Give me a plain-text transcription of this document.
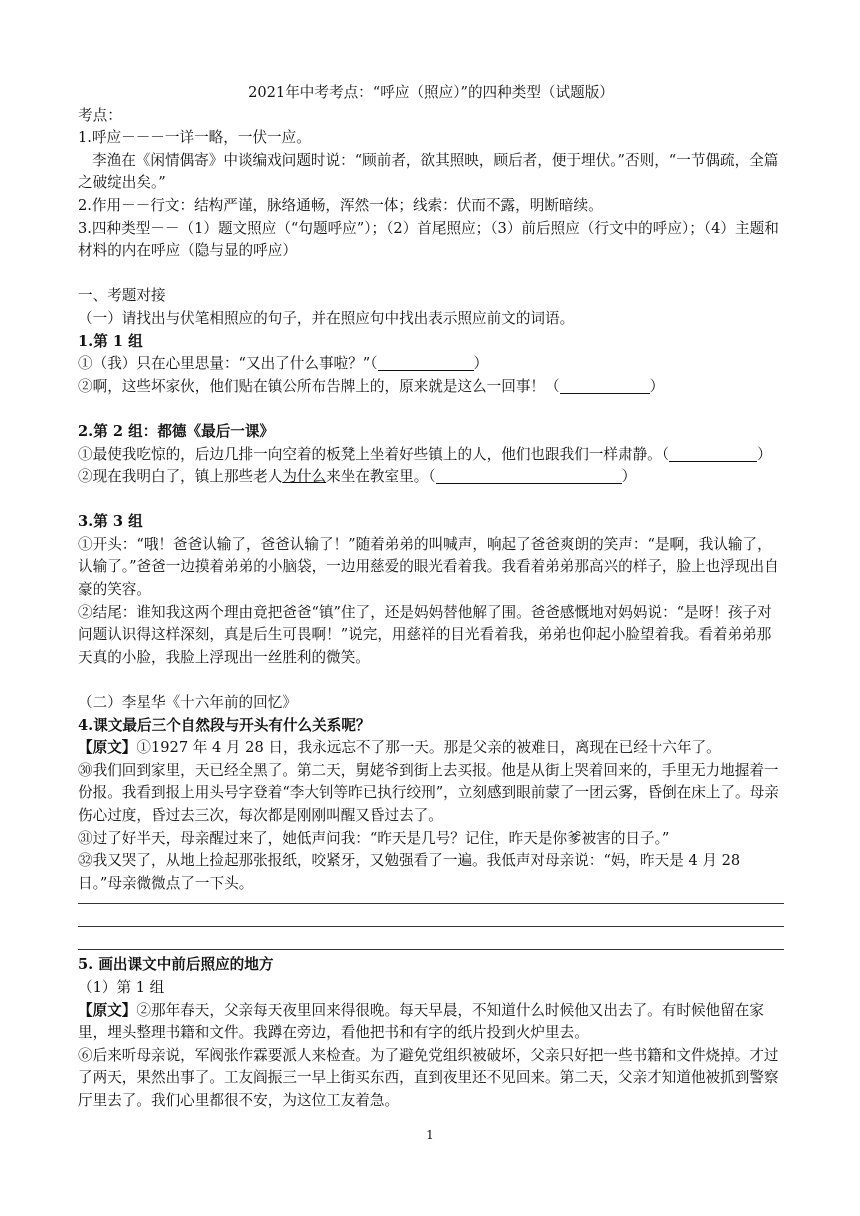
2021年中考考点：“呼应（照应）”的四种类型（试题版）

考点：

1.呼应－－－一详一略，一伏一应。

李渔在《闲情偶寄》中谈编戏问题时说：“顾前者，欲其照映，顾后者，便于埋伏。”否则，“一节偶疏，全篇之破绽出矣。”

2.作用－－行文：结构严谨，脉络通畅，浑然一体；线索：伏而不露，明断暗续。

3.四种类型－－（1）题文照应（“句题呼应”）；（2）首尾照应；（3）前后照应（行文中的呼应）；（4）主题和材料的内在呼应（隐与显的呼应）

一、考题对接

（一）请找出与伏笔相照应的句子，并在照应句中找出表示照应前文的词语。

1.第 1 组

①（我）只在心里思量：“又出了什么事啦？”（	）

②啊，这些坏家伙，他们贴在镇公所布告牌上的，原来就是这么一回事！（	）

2.第 2 组：都德《最后一课》

①最使我吃惊的，后边几排一向空着的板凳上坐着好些镇上的人，他们也跟我们一样肃静。（	）

②现在我明白了，镇上那些老人为什么来坐在教室里。（	）

3.第 3 组

①开头：“哦！爸爸认输了，爸爸认输了！”随着弟弟的叫喊声，响起了爸爸爽朗的笑声：“是啊，我认输了，认输了。”爸爸一边摸着弟弟的小脑袋，一边用慈爱的眼光看着我。我看着弟弟那高兴的样子，脸上也浮现出自豪的笑容。

②结尾：谁知我这两个理由竟把爸爸“镇”住了，还是妈妈替他解了围。爸爸感慨地对妈妈说：“是呀！孩子对问题认识得这样深刻，真是后生可畏啊！”说完，用慈祥的目光看着我，弟弟也仰起小脸望着我。看着弟弟那天真的小脸，我脸上浮现出一丝胜利的微笑。

（二）李星华《十六年前的回忆》

4.课文最后三个自然段与开头有什么关系呢？

【原文】①1927 年 4 月 28 日，我永远忘不了那一天。那是父亲的被难日，离现在已经十六年了。

㉚我们回到家里，天已经全黑了。第二天，舅姥爷到街上去买报。他是从街上哭着回来的，手里无力地握着一份报。我看到报上用头号字登着“李大钊等昨已执行绞刑”，立刻感到眼前蒙了一团云雾，昏倒在床上了。母亲伤心过度，昏过去三次，每次都是刚刚叫醒又昏过去了。

㉛过了好半天，母亲醒过来了，她低声问我：“昨天是几号？记住，昨天是你爹被害的日子。”

㉜我又哭了，从地上捡起那张报纸，咬紧牙，又勉强看了一遍。我低声对母亲说：“妈，昨天是 4 月 28 日。”母亲微微点了一下头。

5. 画出课文中前后照应的地方

（1）第 1 组

【原文】②那年春天，父亲每天夜里回来得很晚。每天早晨，不知道什么时候他又出去了。有时候他留在家里，埋头整理书籍和文件。我蹲在旁边，看他把书和有字的纸片投到火炉里去。

⑥后来听母亲说，军阀张作霖要派人来检查。为了避免党组织被破坏，父亲只好把一些书籍和文件烧掉。才过了两天，果然出事了。工友阎振三一早上街买东西，直到夜里还不见回来。第二天，父亲才知道他被抓到警察厅里去了。我们心里都很不安，为这位工友着急。

1
